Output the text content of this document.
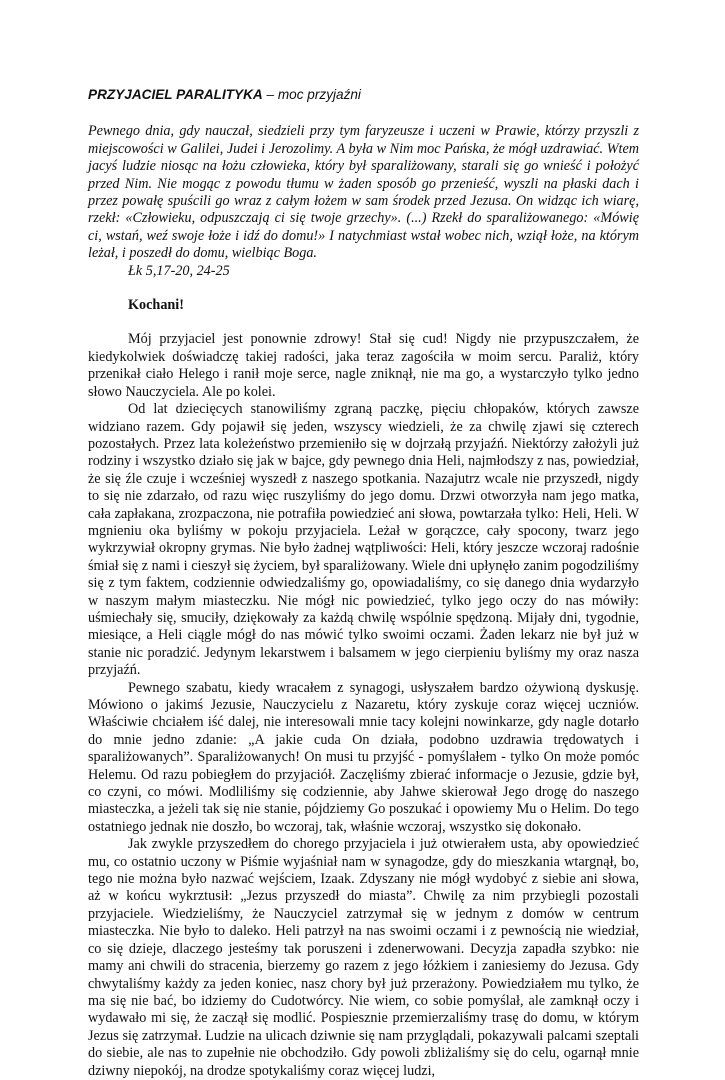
PRZYJACIEL PARALITYKA – moc przyjaźni

Pewnego dnia, gdy nauczał, siedzieli przy tym faryzeusze i uczeni w Prawie, którzy przyszli z miejscowości w Galilei, Judei i Jerozolimy. A była w Nim moc Pańska, że mógł uzdrawiać. Wtem jacyś ludzie niosąc na łożu człowieka, który był sparaliżowany, starali się go wnieść i położyć przed Nim. Nie mogąc z powodu tłumu w żaden sposób go przenieść, wyszli na płaski dach i przez powałę spuścili go wraz z całym łożem w sam środek przed Jezusa. On widząc ich wiarę, rzekł: «Człowieku, odpuszczają ci się twoje grzechy». (...) Rzekł do sparaliżowanego: «Mówię ci, wstań, weź swoje łoże i idź do domu!» I natychmiast wstał wobec nich, wziął łoże, na którym leżał, i poszedł do domu, wielbiąc Boga.

Łk 5,17-20, 24-25

Kochani!

Mój przyjaciel jest ponownie zdrowy! Stał się cud! Nigdy nie przypuszczałem, że kiedykolwiek doświadczę takiej radości, jaka teraz zagościła w moim sercu. Paraliż, który przenikał ciało Helego i ranił moje serce, nagle zniknął, nie ma go, a wystarczyło tylko jedno słowo Nauczyciela. Ale po kolei.

Od lat dziecięcych stanowiliśmy zgraną paczkę, pięciu chłopaków, których zawsze widziano razem. Gdy pojawił się jeden, wszyscy wiedzieli, że za chwilę zjawi się czterech pozostałych. Przez lata koleżeństwo przemieniło się w dojrzałą przyjaźń. Niektórzy założyli już rodziny i wszystko działo się jak w bajce, gdy pewnego dnia Heli, najmłodszy z nas, powiedział, że się źle czuje i wcześniej wyszedł z naszego spotkania. Nazajutrz wcale nie przyszedł, nigdy to się nie zdarzało, od razu więc ruszyliśmy do jego domu. Drzwi otworzyła nam jego matka, cała zapłakana, zrozpaczona, nie potrafiła powiedzieć ani słowa, powtarzała tylko: Heli, Heli. W mgnieniu oka byliśmy w pokoju przyjaciela. Leżał w gorączce, cały spocony, twarz jego wykrzywiał okropny grymas. Nie było żadnej wątpliwości: Heli, który jeszcze wczoraj radośnie śmiał się z nami i cieszył się życiem, był sparaliżowany. Wiele dni upłynęło zanim pogodziliśmy się z tym faktem, codziennie odwiedzaliśmy go, opowiadaliśmy, co się danego dnia wydarzyło w naszym małym miasteczku. Nie mógł nic powiedzieć, tylko jego oczy do nas mówiły: uśmiechały się, smuciły, dziękowały za każdą chwilę wspólnie spędzoną. Mijały dni, tygodnie, miesiące, a Heli ciągle mógł do nas mówić tylko swoimi oczami. Żaden lekarz nie był już w stanie nic poradzić. Jedynym lekarstwem i balsamem w jego cierpieniu byliśmy my oraz nasza przyjaźń.

Pewnego szabatu, kiedy wracałem z synagogi, usłyszałem bardzo ożywioną dyskusję. Mówiono o jakimś Jezusie, Nauczycielu z Nazaretu, który zyskuje coraz więcej uczniów. Właściwie chciałem iść dalej, nie interesowali mnie tacy kolejni nowinkarze, gdy nagle dotarło do mnie jedno zdanie: „A jakie cuda On działa, podobno uzdrawia trędowatych i sparaliżowanych”. Sparaliżowanych! On musi tu przyjść - pomyślałem - tylko On może pomóc Helemu. Od razu pobiegłem do przyjaciół. Zaczęliśmy zbierać informacje o Jezusie, gdzie był, co czyni, co mówi. Modliliśmy się codziennie, aby Jahwe skierował Jego drogę do naszego miasteczka, a jeżeli tak się nie stanie, pójdziemy Go poszukać i opowiemy Mu o Helim. Do tego ostatniego jednak nie doszło, bo wczoraj, tak, właśnie wczoraj, wszystko się dokonało.

Jak zwykle przyszedłem do chorego przyjaciela i już otwierałem usta, aby opowiedzieć mu, co ostatnio uczony w Piśmie wyjaśniał nam w synagodze, gdy do mieszkania wtargnął, bo, tego nie można było nazwać wejściem, Izaak. Zdyszany nie mógł wydobyć z siebie ani słowa, aż w końcu wykrztusił: „Jezus przyszedł do miasta”. Chwilę za nim przybiegli pozostali przyjaciele. Wiedzieliśmy, że Nauczyciel zatrzymał się w jednym z domów w centrum miasteczka. Nie było to daleko. Heli patrzył na nas swoimi oczami i z pewnością nie wiedział, co się dzieje, dlaczego jesteśmy tak poruszeni i zdenerwowani. Decyzja zapadła szybko: nie mamy ani chwili do stracenia, bierzemy go razem z jego łóżkiem i zaniesiemy do Jezusa. Gdy chwytaliśmy każdy za jeden koniec, nasz chory był już przerażony. Powiedziałem mu tylko, że ma się nie bać, bo idziemy do Cudotwórcy. Nie wiem, co sobie pomyślał, ale zamknął oczy i wydawało mi się, że zaczął się modlić. Pospiesznie przemierzaliśmy trasę do domu, w którym Jezus się zatrzymał. Ludzie na ulicach dziwnie się nam przyglądali, pokazywali palcami szeptali do siebie, ale nas to zupełnie nie obchodziło. Gdy powoli zbliżaliśmy się do celu, ogarnął mnie dziwny niepokój, na drodze spotykaliśmy coraz więcej ludzi,
